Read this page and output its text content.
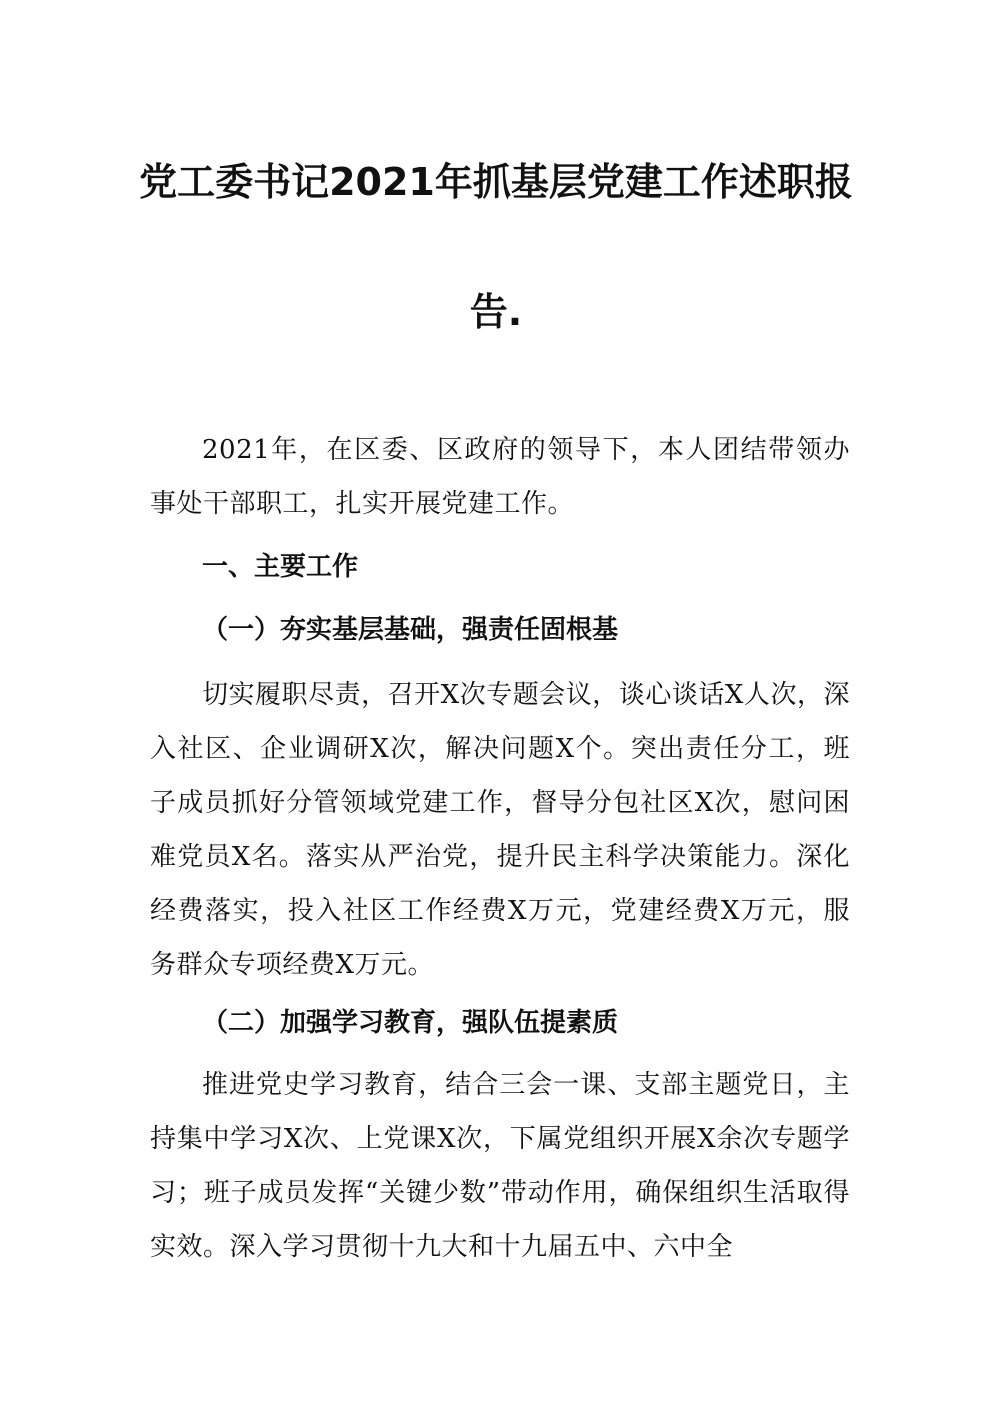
党工委书记2021年抓基层党建工作述职报
告.
2021年，在区委、区政府的领导下，本人团结带领办事处干部职工，扎实开展党建工作。
一、主要工作
（一）夯实基层基础，强责任固根基
切实履职尽责，召开X次专题会议，谈心谈话X人次，深入社区、企业调研X次，解决问题X个。突出责任分工，班子成员抓好分管领域党建工作，督导分包社区X次，慰问困难党员X名。落实从严治党，提升民主科学决策能力。深化经费落实，投入社区工作经费X万元，党建经费X万元，服务群众专项经费X万元。
（二）加强学习教育，强队伍提素质
推进党史学习教育，结合三会一课、支部主题党日，主持集中学习X次、上党课X次，下属党组织开展X余次专题学习；班子成员发挥“关键少数”带动作用，确保组织生活取得实效。深入学习贯彻十九大和十九届五中、六中全
